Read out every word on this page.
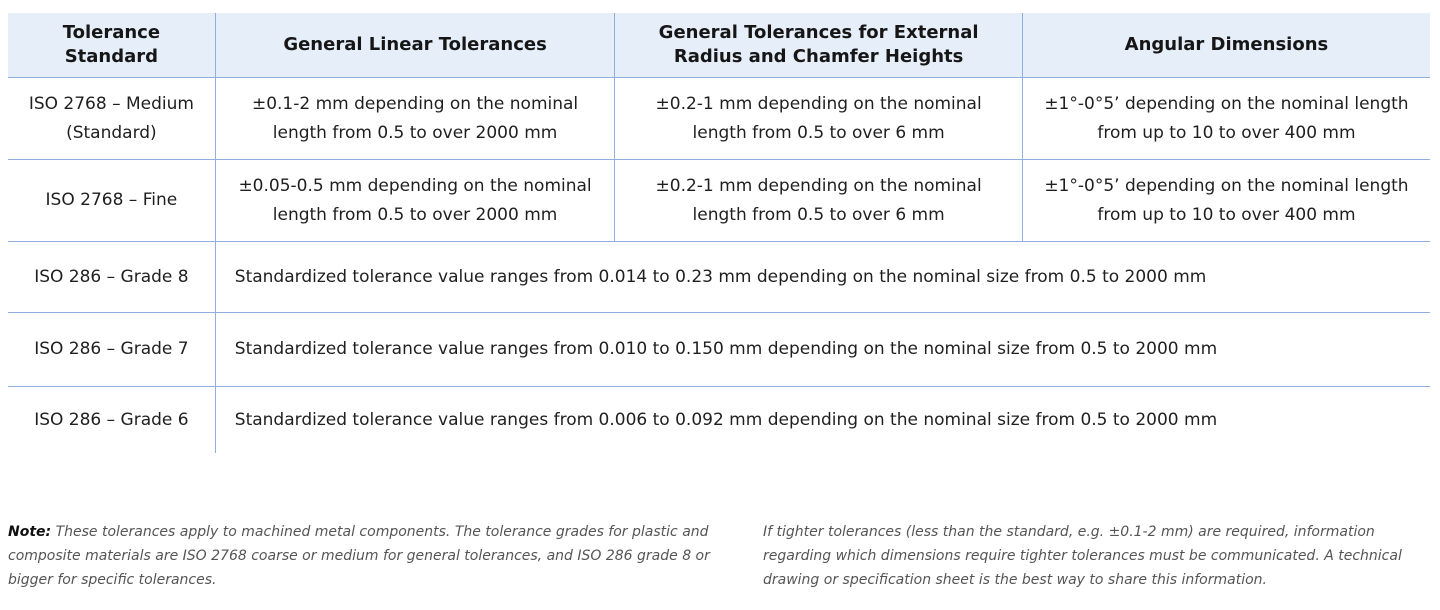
Tolerance Standard	General Linear Tolerances	General Tolerances for External Radius and Chamfer Heights	Angular Dimensions
ISO 2768 – Medium (Standard)	±0.1-2 mm depending on the nominal length from 0.5 to over 2000 mm	±0.2-1 mm depending on the nominal length from 0.5 to over 6 mm	±1°-0°5’ depending on the nominal length from up to 10 to over 400 mm
ISO 2768 – Fine	±0.05-0.5 mm depending on the nominal length from 0.5 to over 2000 mm	±0.2-1 mm depending on the nominal length from 0.5 to over 6 mm	±1°-0°5’ depending on the nominal length from up to 10 to over 400 mm
ISO 286 – Grade 8	Standardized tolerance value ranges from 0.014 to 0.23 mm depending on the nominal size from 0.5 to 2000 mm		
ISO 286 – Grade 7	Standardized tolerance value ranges from 0.010 to 0.150 mm depending on the nominal size from 0.5 to 2000 mm		
ISO 286 – Grade 6	Standardized tolerance value ranges from 0.006 to 0.092 mm depending on the nominal size from 0.5 to 2000 mm		
Note: These tolerances apply to machined metal components. The tolerance grades for plastic and composite materials are ISO 2768 coarse or medium for general tolerances, and ISO 286 grade 8 or bigger for specific tolerances.
If tighter tolerances (less than the standard, e.g. ±0.1-2 mm) are required, information regarding which dimensions require tighter tolerances must be communicated. A technical drawing or specification sheet is the best way to share this information.
